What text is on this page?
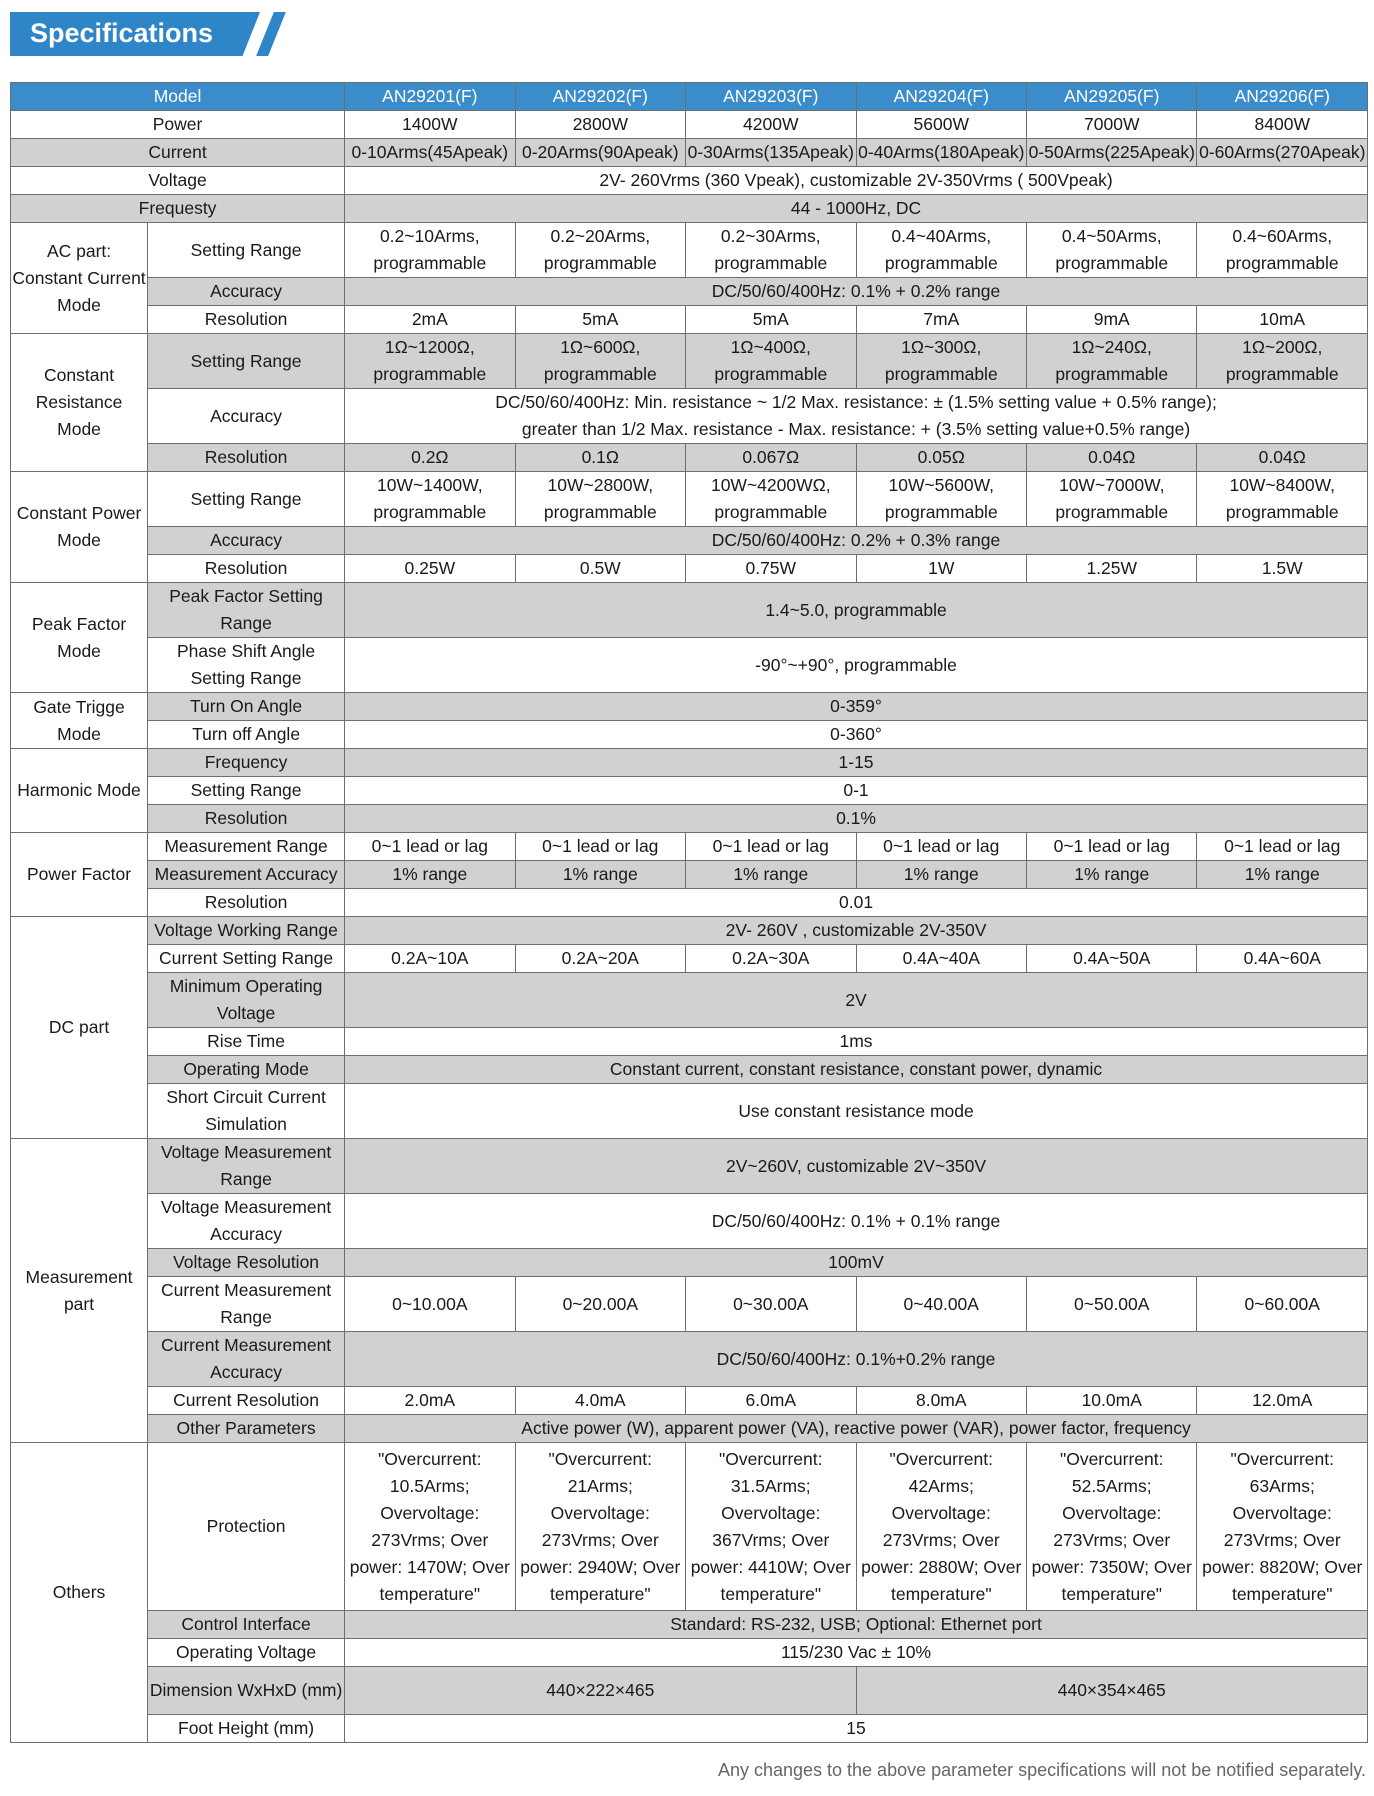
Specifications
Model		AN29201(F)	AN29202(F)	AN29203(F)	AN29204(F)	AN29205(F)	AN29206(F)
Power		1400W	2800W	4200W	5600W	7000W	8400W
Current		0-10Arms(45Apeak)	0-20Arms(90Apeak)	0-30Arms(135Apeak)	0-40Arms(180Apeak)	0-50Arms(225Apeak)	0-60Arms(270Apeak)
Voltage		2V- 260Vrms (360 Vpeak), customizable 2V-350Vrms ( 500Vpeak)					
Frequesty		44 - 1000Hz, DC					
AC part: Constant Current Mode	Setting Range	0.2~10Arms, programmable	0.2~20Arms, programmable	0.2~30Arms, programmable	0.4~40Arms, programmable	0.4~50Arms, programmable	0.4~60Arms, programmable
	Accuracy	DC/50/60/400Hz: 0.1% + 0.2% range					
	Resolution	2mA	5mA	5mA	7mA	9mA	10mA
Constant Resistance Mode	Setting Range	1Ω~1200Ω, programmable	1Ω~600Ω, programmable	1Ω~400Ω, programmable	1Ω~300Ω, programmable	1Ω~240Ω, programmable	1Ω~200Ω, programmable
	Accuracy	DC/50/60/400Hz: Min. resistance ~ 1/2 Max. resistance: ± (1.5% setting value + 0.5% range);
greater than 1/2 Max. resistance - Max. resistance: + (3.5% setting value+0.5% range)					

	Resolution	0.2Ω	0.1Ω	0.067Ω	0.05Ω	0.04Ω	0.04Ω
Constant Power Mode	Setting Range	10W~1400W, programmable	10W~2800W, programmable	10W~4200WΩ, programmable	10W~5600W, programmable	10W~7000W, programmable	10W~8400W, programmable
	Accuracy	DC/50/60/400Hz: 0.2% + 0.3% range					
	Resolution	0.25W	0.5W	0.75W	1W	1.25W	1.5W
Peak Factor Mode	Peak Factor Setting Range	1.4~5.0, programmable					
	Phase Shift Angle Setting Range	-90°~+90°, programmable					
Gate Trigge Mode	Turn On Angle	0-359°					
	Turn off Angle	0-360°					
Harmonic Mode	Frequency	1-15					
	Setting Range	0-1					
	Resolution	0.1%					
Power Factor	Measurement Range	0~1 lead or lag	0~1 lead or lag	0~1 lead or lag	0~1 lead or lag	0~1 lead or lag	0~1 lead or lag
	Measurement Accuracy	1% range	1% range	1% range	1% range	1% range	1% range
	Resolution	0.01					
DC part	Voltage Working Range	2V- 260V , customizable 2V-350V					
	Current Setting Range	0.2A~10A	0.2A~20A	0.2A~30A	0.4A~40A	0.4A~50A	0.4A~60A
	Minimum Operating Voltage	2V					
	Rise Time	1ms					
	Operating Mode	Constant current, constant resistance, constant power, dynamic					
	Short Circuit Current Simulation	Use constant resistance mode					
Measurement part	Voltage Measurement Range	2V~260V, customizable 2V~350V					
	Voltage Measurement Accuracy	DC/50/60/400Hz: 0.1% + 0.1% range					
	Voltage Resolution	100mV					
	Current Measurement Range	0~10.00A	0~20.00A	0~30.00A	0~40.00A	0~50.00A	0~60.00A
	Current Measurement Accuracy	DC/50/60/400Hz: 0.1%+0.2% range					
	Current Resolution	2.0mA	4.0mA	6.0mA	8.0mA	10.0mA	12.0mA
	Other Parameters	Active power (W), apparent power (VA), reactive power (VAR), power factor, frequency					
Others	Protection	"Overcurrent: 10.5Arms; Overvoltage: 273Vrms; Over power: 1470W; Over temperature"	"Overcurrent: 21Arms; Overvoltage: 273Vrms; Over power: 2940W; Over temperature"	"Overcurrent: 31.5Arms; Overvoltage: 367Vrms; Over power: 4410W; Over temperature"	"Overcurrent: 42Arms; Overvoltage: 273Vrms; Over power: 2880W; Over temperature"	"Overcurrent: 52.5Arms; Overvoltage: 273Vrms; Over power: 7350W; Over temperature"	"Overcurrent: 63Arms; Overvoltage: 273Vrms; Over power: 8820W; Over temperature"
	Control Interface	Standard: RS-232, USB; Optional: Ethernet port					
	Operating Voltage	115/230 Vac ± 10%					
	Dimension WxHxD (mm)	440×222×465			440×354×465		
	Foot Height (mm)	15					
Any changes to the above parameter specifications will not be notified separately.
